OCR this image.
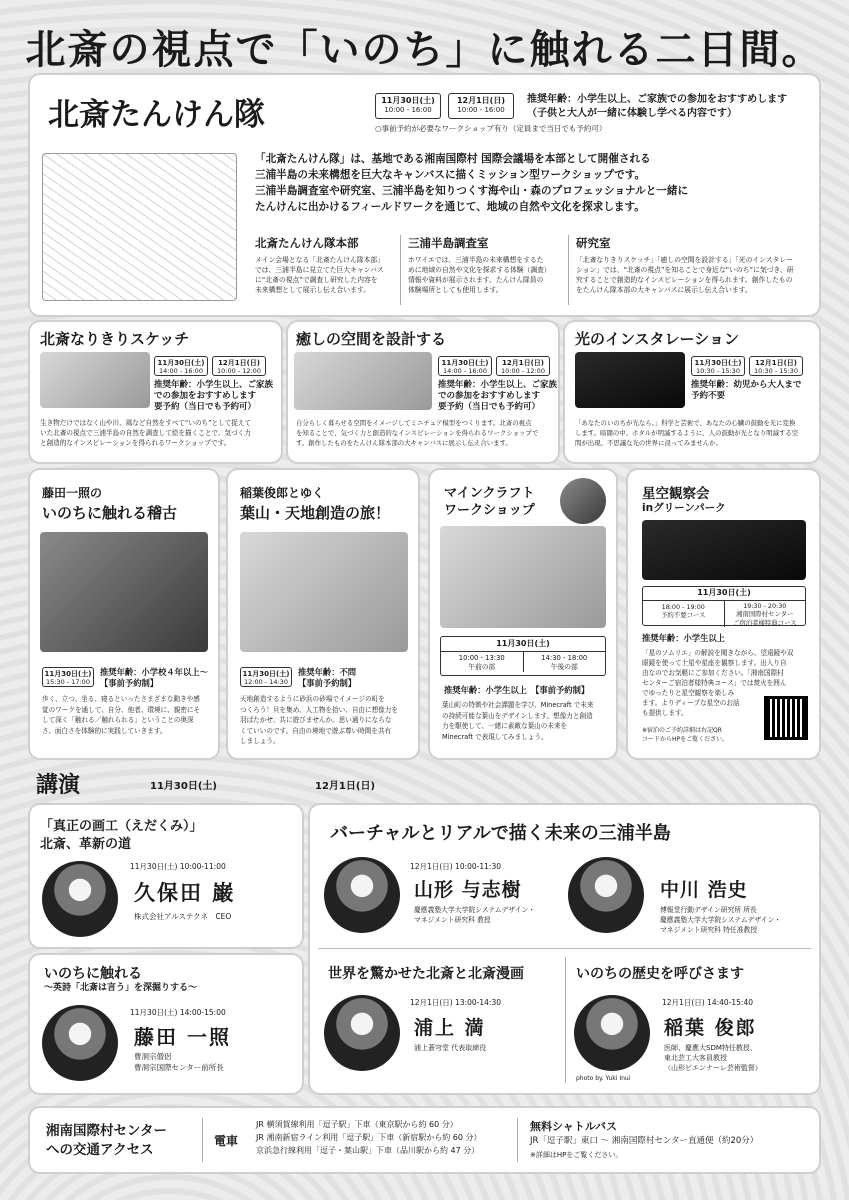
北斎の視点で「いのち」に触れる二日間。
北斎たんけん隊	11月30日(土)
10:00 - 16:00
12月1日(日)
10:00 - 16:00
推奨年齢：小学生以上、ご家族での参加をおすすめします
（子供と大人が一緒に体験し学べる内容です）
○事前予約が必要なワークショップ有り（定員まで当日でも予約可）
「北斎たんけん隊」は、基地である湘南国際村 国際会議場を本部として開催される
三浦半島の未来構想を巨大なキャンバスに描くミッション型ワークショップです。
三浦半島調査室や研究室、三浦半島を知りつくす海や山・森のプロフェッショナルと一緒に
たんけんに出かけるフィールドワークを通じて、地域の自然や文化を探求します。
北斎たんけん隊本部
メイン会場となる「北斎たんけん隊本部」
では、三浦半島に見立てた巨大キャンバス
に“北斎の視点”で調査し研究した内容を
未来構想として展示し伝え合います。
三浦半島調査室
ホワイエでは、三浦半島の未来構想をするた
めに地域の自然や文化を探求する体験（調査）
情報や資料が展示されます。たんけん隊員の
体験場所としても使用します。
研究室
「北斎なりきりスケッチ」「癒しの空間を設計する」「光のインスタレー
ション」では、“北斎の視点”を知ることで身近な“いのち”に気づき、研
究することで創造的なインスピレーションを得られます。創作したもの
をたんけん隊本部の大キャンバスに展示し伝え合います。
北斎なりきりスケッチ
11月30日(土)
14:00 - 16:00
12月1日(日)
10:00 - 12:00
推奨年齢：小学生以上、ご家族
での参加をおすすめします
要予約（当日でも予約可）
生き物だけではなく山や川、風など自然をすべて“いのち”として捉えて
いた北斎の視点で三浦半島の自然を調査して絵を描くことで、気づく力
と創造的なインスピレーションを得られるワークショップです。
癒しの空間を設計する
11月30日(土)
14:00 - 16:00
12月1日(日)
10:00 - 12:00
推奨年齢：小学生以上、ご家族
での参加をおすすめします
要予約（当日でも予約可）
自分らしく暮らせる空間をイメージしてミニチュア模型をつくります。北斎の視点
を知ることで、気づく力と創造的なインスピレーションを得られるワークショップで
す。創作したものをたんけん隊本部の大キャンバスに展示し伝え合います。
光のインスタレーション
11月30日(土)
10:30 - 15:30
12月1日(日)
10:30 - 15:30
推奨年齢：幼児から大人まで
予約不要
「あなたのいのちが光なら。」科学と芸術で、あなたの心臓の鼓動を光に変換
します。暗闇の中、ホタルが明滅するように、人の鼓動が光となり明滅する空
間が出現。不思議な光の世界に浸ってみませんか。
藤田一照の
いのちに触れる稽古
11月30日(土)
15:30 - 17:00
推奨年齢：小学校４年以上～
【事前予約制】
歩く、立つ、坐る、寝るといったさまざまな動きや感
覚のワークを通して、自分、他者、環境に、親密にそ
して深く「触れる／触れられる」ということの奥深
さ、面白さを体験的に実践していきます。
稲葉俊郎とゆく
葉山・天地創造の旅！
11月30日(土)
12:00 - 14:30
推奨年齢：不問
【事前予約制】
天地創造するように砂浜の砂場でイメージの町を
つくろう！貝を集め、人工物を拾い、自由に想像力を
羽ばたかせ、共に遊びませんか。思い通りにならな
くていいのです。自由の境地で遊ぶ尊い時間を共有
しましょう。
マインクラフト
ワークショップ
11月30日(土)
10:00 - 13:30
午前の部
14:30 - 18:00
午後の部
推奨年齢：小学生以上　【事前予約制】
葉山町の特徴や社会課題を学び、Minecraft で未来
の持続可能な葉山をデザインします。想像力と創造
力を駆使して、一緒に素敵な葉山の未来を
Minecraft で表現してみましょう。
星空観察会
inグリーンパーク
11月30日(土)
18:00 - 19:00
予約不要コース
19:30 - 20:30
湘南国際村センター
ご宿泊者様特典コース
推奨年齢：小学生以上
「星のソムリエ」の解説を聞きながら、望遠鏡や双
眼鏡を使って土星や星座を観察します。出入り自
由なのでお気軽にご参加ください。「湘南国際村
センターご宿泊者様特典コース」では焚火を囲ん
でゆったりと星空観察を楽しみ
ます。よりディープな星空のお話
も提供します。
※宿泊のご予約詳細は右記QR
コードからHPをご覧ください。
講演	11月30日(土)	12月1日(日)
「真正の画工（えだくみ）」
北斎、革新の道
11月30日(土) 10:00-11:00
久保田 巌
株式会社アルステクネ　CEO
いのちに触れる
～英詩「北斎は言う」を深掘りする～
11月30日(土) 14:00-15:00
藤田 一照
曹洞宗僧侶
曹洞宗国際センター前所長
バーチャルとリアルで描く未来の三浦半島
12月1日(日) 10:00-11:30
山形 与志樹
慶應義塾大学大学院システムデザイン・
マネジメント研究科 教授
中川 浩史
博報堂行動デザイン研究所 所長
慶應義塾大学大学院システムデザイン・
マネジメント研究科 特任准教授
世界を驚かせた北斎と北斎漫画
12月1日(日) 13:00-14:30
浦上 満
浦上蒼穹堂 代表取締役
いのちの歴史を呼びさます
photo by. Yuki Inui
12月1日(日) 14:40-15:40
稲葉 俊郎
医師、慶應大SDM特任教授、
東北芸工大客員教授
（山形ビエンナーレ芸術監督）
湘南国際村センター
への交通アクセス
電車
JR 横須賀線利用「逗子駅」下車（東京駅から約 60 分）
JR 湘南新宿ライン利用「逗子駅」下車（新宿駅から約 60 分）
京浜急行線利用「逗子・葉山駅」下車（品川駅から約 47 分）
無料シャトルバス
JR「逗子駅」東口 ～ 湘南国際村センター直通便（約20分）
※詳細はHPをご覧ください。
